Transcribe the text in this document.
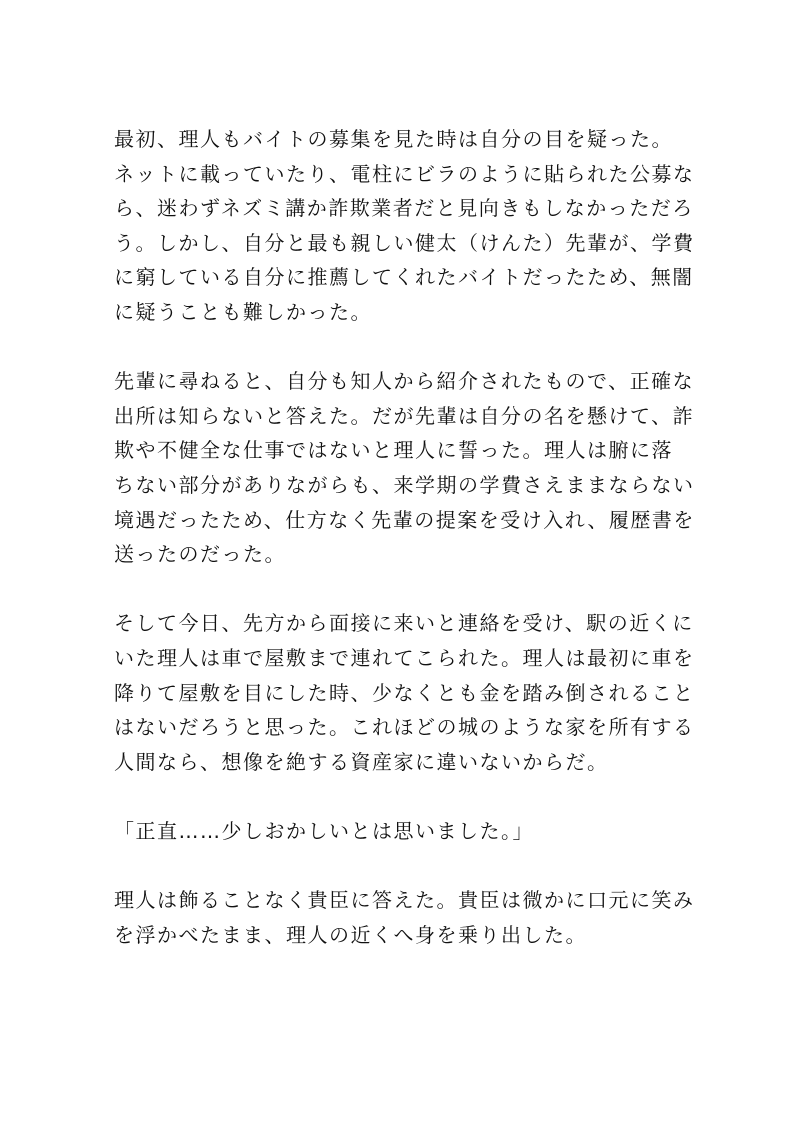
最初、理人もバイトの募集を見た時は自分の目を疑った。
ネットに載っていたり、電柱にビラのように貼られた公募な
ら、迷わずネズミ講か詐欺業者だと見向きもしなかっただろ
う。しかし、自分と最も親しい健太（けんた）先輩が、学費
に窮している自分に推薦してくれたバイトだったため、無闇
に疑うことも難しかった。
先輩に尋ねると、自分も知人から紹介されたもので、正確な
出所は知らないと答えた。だが先輩は自分の名を懸けて、詐
欺や不健全な仕事ではないと理人に誓った。理人は腑に落
ちない部分がありながらも、来学期の学費さえままならない
境遇だったため、仕方なく先輩の提案を受け入れ、履歴書を
送ったのだった。
そして今日、先方から面接に来いと連絡を受け、駅の近くに
いた理人は車で屋敷まで連れてこられた。理人は最初に車を
降りて屋敷を目にした時、少なくとも金を踏み倒されること
はないだろうと思った。これほどの城のような家を所有する
人間なら、想像を絶する資産家に違いないからだ。
「正直……少しおかしいとは思いました。」
理人は飾ることなく貴臣に答えた。貴臣は微かに口元に笑み
を浮かべたまま、理人の近くへ身を乗り出した。
